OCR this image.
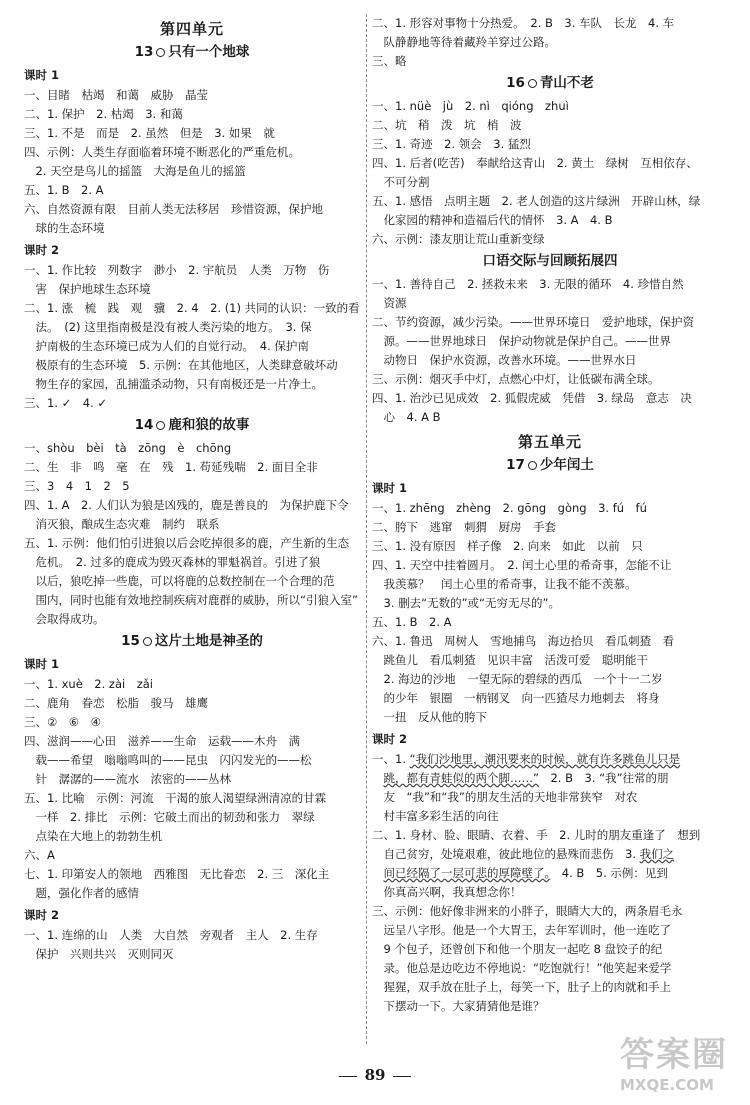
第四单元
13 只有一个地球
课时 1
一、目睹　枯竭　和蔼　威胁　晶莹
二、1. 保护　2. 枯竭　3. 和蔼
三、1. 不是　而是　2. 虽然　但是　3. 如果　就
四、示例：人类生存面临着环境不断恶化的严重危机。
　2. 天空是鸟儿的摇篮　大海是鱼儿的摇篮
五、1. B　2. A
六、自然资源有限　目前人类无法移居　珍惜资源，保护地
　球的生态环境
课时 2
一、1. 作比较　列数字　渺小　2. 宇航员　人类　万物　伤
　害　保护地球生态环境
二、1. 涨　梳　践　观　骥　2. 4　2. (1) 共同的认识：一致的看
　法。　(2) 这里指南极是没有被人类污染的地方。　3. 保
　护南极的生态环境已成为人们的自觉行动。　4. 保护南
　极原有的生态环境　5. 示例：在其他地区，人类肆意破坏动
　物生存的家园，乱捕滥杀动物，只有南极还是一片净土。
三、1. ✓　4. ✓
14 鹿和狼的故事
一、shòu　bèi　tà　zōng　è　chōng
二、生　非　鸣　毫　在　残　1. 苟延残喘　2. 面目全非
三、3　4　1　2　5
四、1. A　2. 人们认为狼是凶残的，鹿是善良的　为保护鹿下令
　消灭狼，酿成生态灾难　制约　联系
五、1. 示例：他们怕引进狼以后会吃掉很多的鹿，产生新的生态
　危机。　2. 过多的鹿成为毁灭森林的罪魁祸首。引进了狼
　以后，狼吃掉一些鹿，可以将鹿的总数控制在一个合理的范
　围内，同时也能有效地控制疾病对鹿群的威胁，所以“引狼入室”
　会取得成功。
15 这片土地是神圣的
课时 1
一、1. xuè　2. zài　zǎi
二、鹿角　眷恋　松脂　骏马　雄鹰
三、②　⑥　④
四、滋润——心田　滋养——生命　运载——木舟　满
　载——希望　嗡嗡鸣叫的——昆虫　闪闪发光的——松
　针　潺潺的——流水　浓密的——丛林
五、1. 比喻　示例：河流　干渴的旅人渴望绿洲清凉的甘霖
　一样　2. 排比　示例：它破土而出的韧劲和张力　翠绿
　点染在大地上的勃勃生机
六、A
七、1. 印第安人的领地　西雅图　无比眷恋　2. 三　深化主
　题，强化作者的感情
课时 2
一、1. 连绵的山　人类　大自然　旁观者　主人　2. 生存
　保护　兴则共兴　灭则同灭
二、1. 形容对事物十分热爱。　2. B　3. 车队　长龙　4. 车
　队静静地等待着藏羚羊穿过公路。
三、略
16 青山不老
一、1. nüè　jù　2. nì　qióng　zhuì
二、坑　稍　泼　坑　梢　波
三、1. 奇迹　2. 领会　3. 猛烈
四、1. 后者(吃苦)　奉献给这青山　2. 黄土　绿树　互相依存、
　不可分割
五、1. 感悟　点明主题　2. 老人创造的这片绿洲　开辟山林，绿
　化家园的精神和造福后代的情怀　3. A　4. B
六、示例：漆友朋让荒山重新变绿
口语交际与回顾拓展四
一、1. 善待自己　2. 拯救未来　3. 无限的循环　4. 珍惜自然
　资源
二、节约资源，减少污染。——世界环境日　爱护地球，保护资
　源。——世界地球日　保护动物就是保护自己。——世界
　动物日　保护水资源，改善水环境。——世界水日
三、示例：烟灭手中灯，点燃心中灯，让低碳布满全球。
四、1. 治沙已见成效　2. 狐假虎威　凭借　3. 绿岛　意志　决
　心　4. A B
第五单元
17 少年闰土
课时 1
一、1. zhēng　zhèng　2. gōng　gòng　3. fú　fú
二、胯下　逃窜　刺猬　厨房　手套
三、1. 没有原因　样子像　2. 向来　如此　以前　只
四、1. 天空中挂着圆月。　2. 闰土心里的希奇事，怎能不让
　我羡慕？　闰土心里的希奇事，让我不能不羡慕。
　3. 删去“无数的”或“无穷无尽的”。
五、1. B　2. A
六、1. 鲁迅　周树人　雪地捕鸟　海边拾贝　看瓜刺猹　看
　跳鱼儿　看瓜刺猹　见识丰富　活泼可爱　聪明能干
　2. 海边的沙地　一望无际的碧绿的西瓜　一个十一二岁
　的少年　银圈　一柄钢叉　向一匹猹尽力地刺去　将身
　一扭　反从他的胯下
课时 2
一、1. “我们沙地里，潮汛要来的时候，就有许多跳鱼儿只是
　跳，都有青蛙似的两个脚……”　2. B　3. “我”往常的朋
　友　“我”和“我”的朋友生活的天地非常狭窄　对农
　村丰富多彩生活的向往
二、1. 身材、脸、眼睛、衣着、手　2. 儿时的朋友重逢了　想到
　自己贫穷，处境艰难，彼此地位的悬殊而悲伤　3. 我们之
　间已经隔了一层可悲的厚障壁了。　4. B　5. 示例：见到
　你真高兴啊，我真想念你！
三、示例：他好像非洲来的小胖子，眼睛大大的，两条眉毛永
　远呈八字形。他是一个大胃王，去年军训时，他一连吃了
　9 个包子，还曾创下和他一个朋友一起吃 8 盘饺子的纪
　录。他总是边吃边不停地说：“吃饱就行！”他笑起来爱学
　猩猩，双手放在肚子上，每笑一下，肚子上的肉就和手上
　下摆动一下。大家猜猜他是谁？
89	答案圈
MXQE.COM
